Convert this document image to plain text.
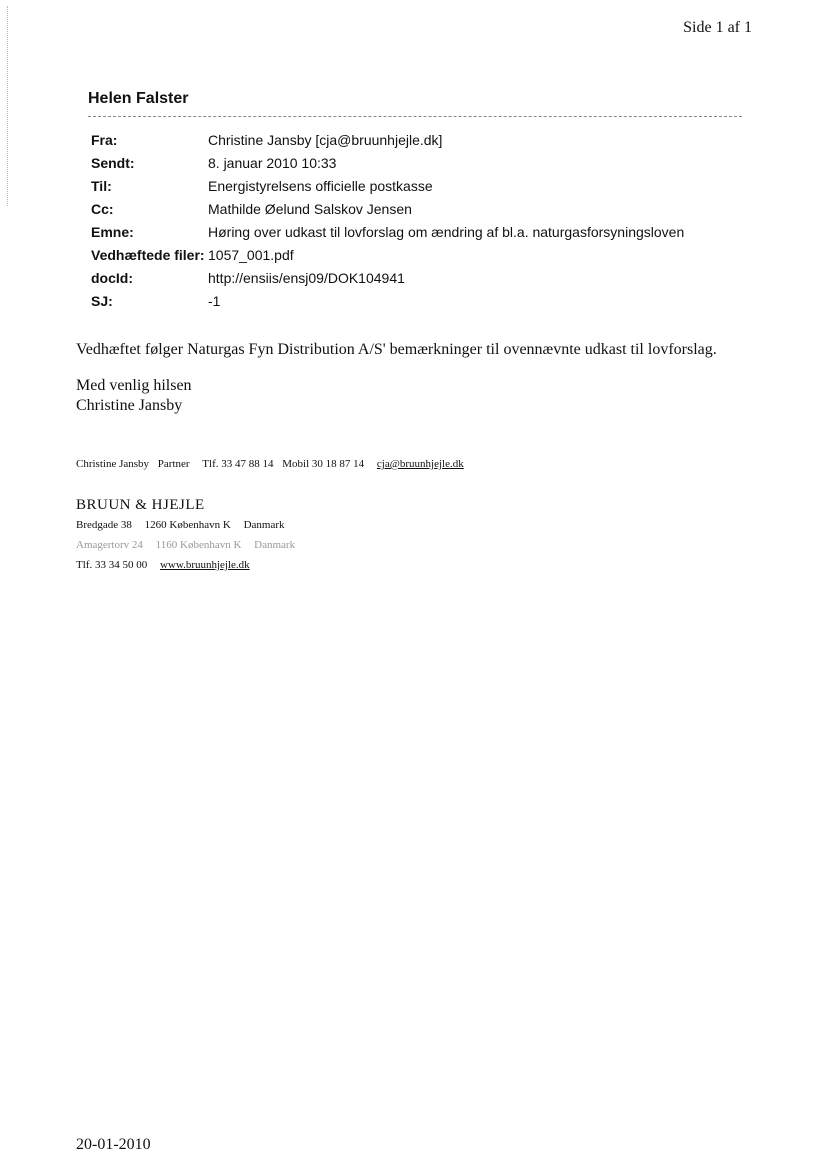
Side 1 af 1
Helen Falster
Fra:	Christine Jansby [cja@bruunhjejle.dk]
Sendt:	8. januar 2010 10:33
Til:	Energistyrelsens officielle postkasse
Cc:	Mathilde Øelund Salskov Jensen
Emne:	Høring over udkast til lovforslag om ændring af bl.a. naturgasforsyningsloven
Vedhæftede filer: 1057_001.pdf
docId:	http://ensiis/ensj09/DOK104941
SJ:	-1
Vedhæftet følger Naturgas Fyn Distribution A/S' bemærkninger til ovennævnte udkast til lovforslag.
Med venlig hilsen
Christine Jansby
Christine Jansby Partner Tlf. 33 47 88 14 Mobil 30 18 87 14 cja@bruunhjejle.dk
BRUUN & HJEJLE
Bredgade 38 1260 København K Danmark
Amagertorv 24 1160 København K Danmark
Tlf. 33 34 50 00 www.bruunhjejle.dk
20-01-2010
